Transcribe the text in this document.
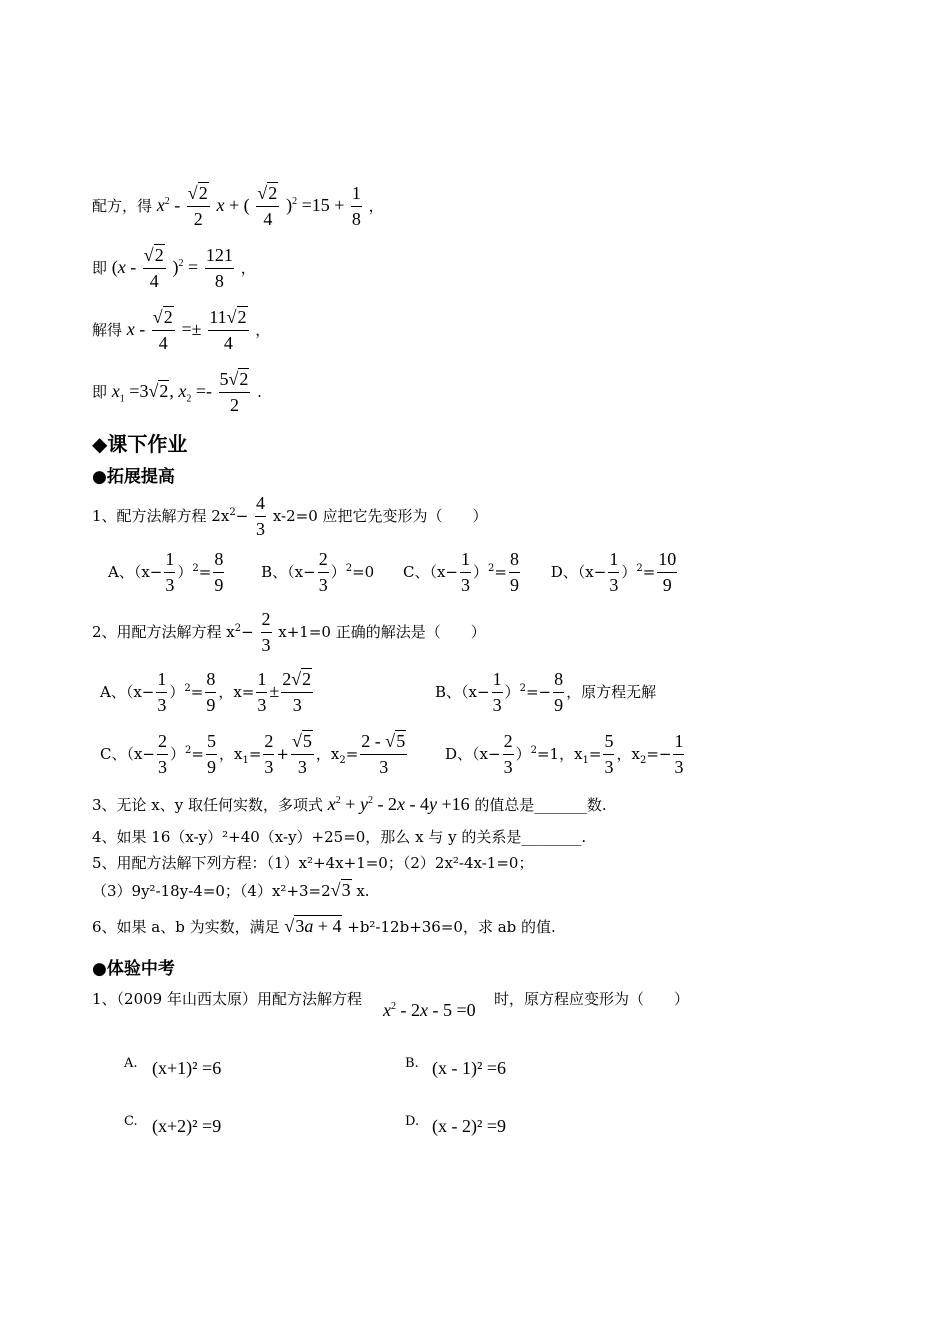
配方，得 $x^2 - \frac{√2}{2}$ x + ( $\frac{√2}{4} )^2 =15 + \frac{1}{8}$ ，
即 $(x - \frac{√2}{4} )^2 = \frac{121}{8}$ ，
解得 $x - \frac{√2}{4} =\pm \frac{11√2}{4}$ ，
即 $x_1 =3√2$, $x_2 =- \frac{5√2}{2}$ .
◆课下作业
●拓展提高
1、配方法解方程 $2x^2- \frac{4}{3} x-2=0$ 应把它先变形为（　　）
A、$(x- \frac{1}{3} )^2= \frac{8}{9}$ B、$(x- \frac{2}{3} )^2=0$ C、$(x- \frac{1}{3} )^2= \frac{8}{9}$ D、$(x- \frac{1}{3} )^2= \frac{10}{9}$
2、用配方法解方程 $x^2- \frac{2}{3} x+1=0$ 正确的解法是（　　）
A、$(x- \frac{1}{3} )^2= \frac{8}{9}$ ，$x= \frac{1}{3} \pm \frac{2√2}{3}$	B、$(x- \frac{1}{3} )^2=- \frac{8}{9}$ ，原方程无解
C、$(x- \frac{2}{3} )^2= \frac{5}{9}$ ，$x_1= \frac{2}{3} + \frac{√5}{3}$ ，$x_2= \frac{2 - √5}{3}$	D、$(x- \frac{2}{3} )^2=1$，$x_1= \frac{5}{3}$ ，$x_2=- \frac{1}{3}$
3、无论 x、y 取任何实数，多项式 $x^2 + y^2 - 2x - 4y +16$ 的值总是_______数.
4、如果 16（x-y）²+40（x-y）+25=0，那么 x 与 y 的关系是________.
5、用配方法解下列方程：（1）x²+4x+1=0；（2）2x²-4x-1=0；
（3）9y²-18y-4=0；（4）x²+3=2√3 x.
6、如果 a、b 为实数，满足 √3a + 4 +b²-12b+36=0，求 ab 的值.
●体验中考
1、（2009 年山西太原）用配方法解方程
$x^2 - 2x - 5 =0$
时，原方程应变形为（　　）
A. (x+1)² =6	B. (x - 1)² =6
C. (x+2)² =9	D. (x - 2)² =9
